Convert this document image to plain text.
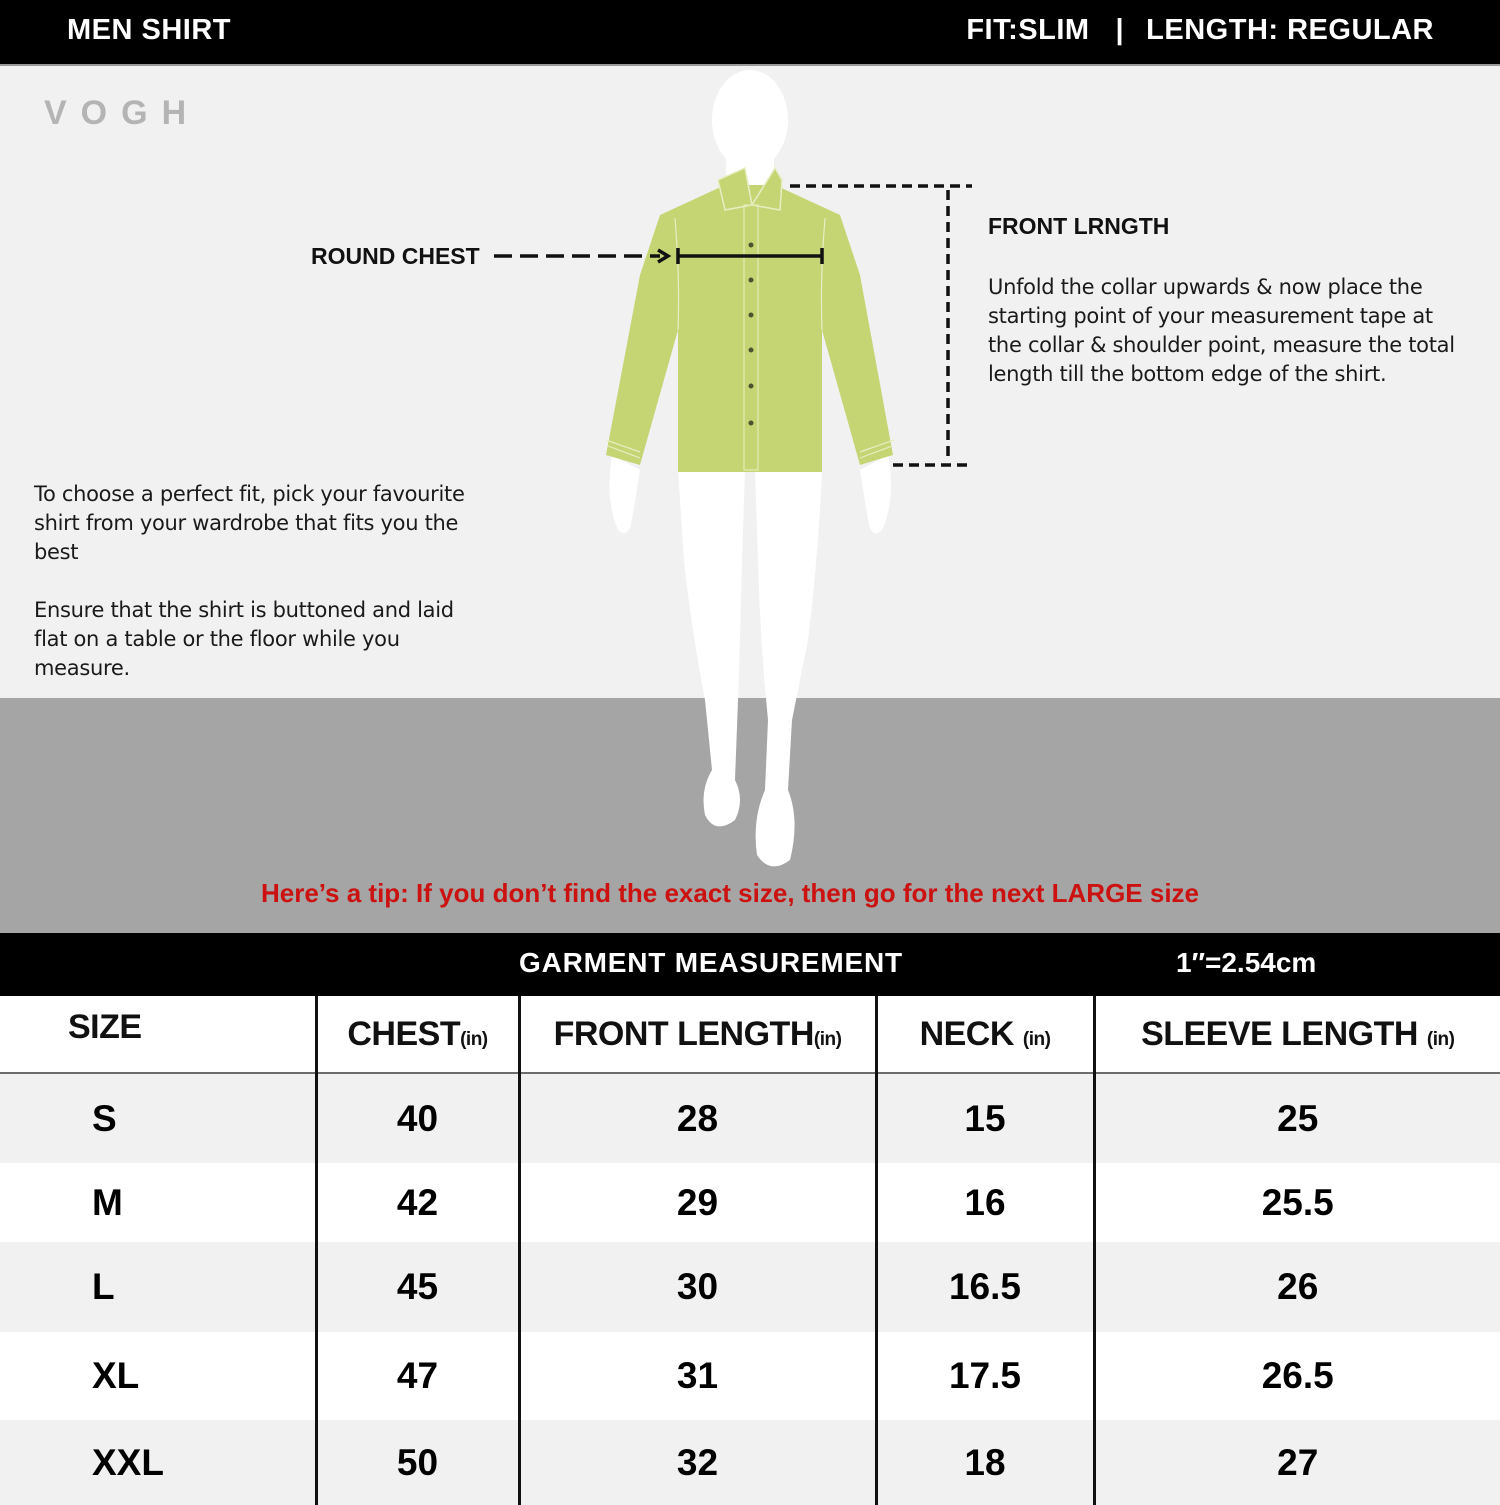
MEN SHIRT	FIT:SLIM | LENGTH: REGULAR
VOGH
ROUND CHEST
FRONT LRNGTH
Unfold the collar upwards & now place the starting point of your measurement tape at the collar & shoulder point, measure the total length till the bottom edge of the shirt.

To choose a perfect fit, pick your favourite shirt from your wardrobe that fits you the best

Ensure that the shirt is buttoned and laid flat on a table or the floor while you measure.

Here’s a tip: If you don’t find the exact size, then go for the next LARGE size
GARMENT MEASUREMENT	1″=2.54cm
SIZE	CHEST(in)	FRONT LENGTH(in)	NECK (in)	SLEEVE LENGTH (in)
S	40	28	15	25
M	42	29	16	25.5
L	45	30	16.5	26
XL	47	31	17.5	26.5
XXL	50	32	18	27
